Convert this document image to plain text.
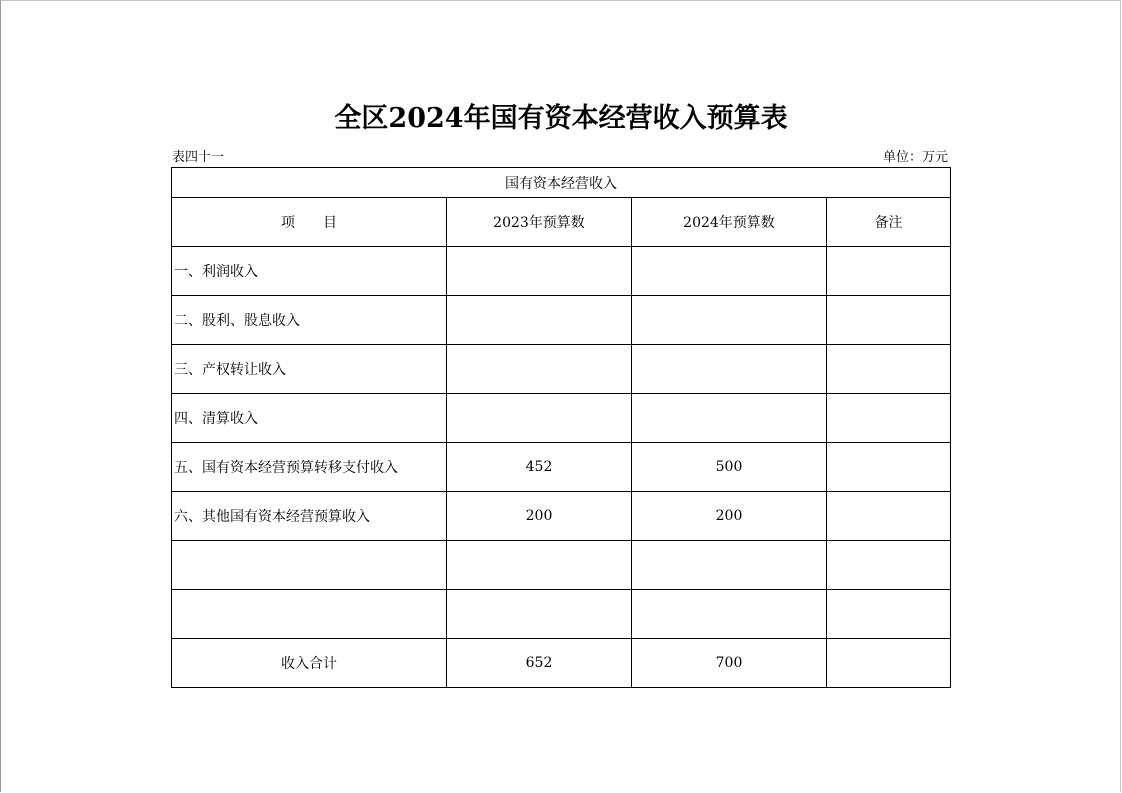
全区2024年国有资本经营收入预算表
表四十一	单位：万元
国有资本经营收入			
项　　目	2023年预算数	2024年预算数	备注
一、利润收入			
二、股利、股息收入			
三、产权转让收入			
四、清算收入			
五、国有资本经营预算转移支付收入	452	500	
六、其他国有资本经营预算收入	200	200	

收入合计	652	700	
